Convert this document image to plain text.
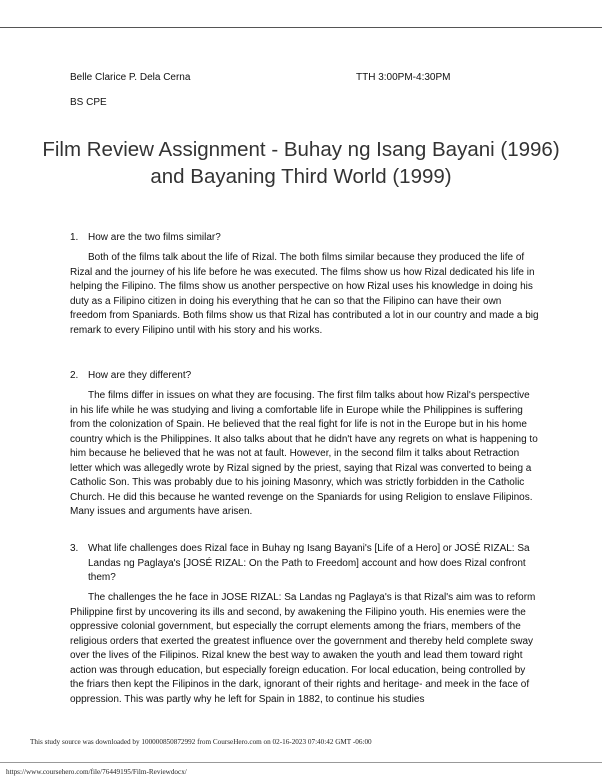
Belle Clarice P. Dela Cerna	TTH 3:00PM-4:30PM
BS CPE
Film Review Assignment - Buhay ng Isang Bayani (1996) and Bayaning Third World (1999)
1. How are the two films similar?

Both of the films talk about the life of Rizal. The both films similar because they produced the life of Rizal and the journey of his life before he was executed. The films show us how Rizal dedicated his life in helping the Filipino. The films show us another perspective on how Rizal uses his knowledge in doing his duty as a Filipino citizen in doing his everything that he can so that the Filipino can have their own freedom from Spaniards. Both films show us that Rizal has contributed a lot in our country and made a big remark to every Filipino until with his story and his works.

2. How are they different?

The films differ in issues on what they are focusing. The first film talks about how Rizal's perspective in his life while he was studying and living a comfortable life in Europe while the Philippines is suffering from the colonization of Spain. He believed that the real fight for life is not in the Europe but in his home country which is the Philippines. It also talks about that he didn't have any regrets on what is happening to him because he believed that he was not at fault. However, in the second film it talks about Retraction letter which was allegedly wrote by Rizal signed by the priest, saying that Rizal was converted to being a Catholic Son. This was probably due to his joining Masonry, which was strictly forbidden in the Catholic Church. He did this because he wanted revenge on the Spaniards for using Religion to enslave Filipinos. Many issues and arguments have arisen.

3. What life challenges does Rizal face in Buhay ng Isang Bayani's [Life of a Hero] or JOSÉ RIZAL: Sa Landas ng Paglaya's [JOSÉ RIZAL: On the Path to Freedom] account and how does Rizal confront them?

The challenges the he face in JOSE RIZAL: Sa Landas ng Paglaya's is that Rizal's aim was to reform Philippine first by uncovering its ills and second, by awakening the Filipino youth. His enemies were the oppressive colonial government, but especially the corrupt elements among the friars, members of the religious orders that exerted the greatest influence over the government and thereby held complete sway over the lives of the Filipinos. Rizal knew the best way to awaken the youth and lead them toward right action was through education, but especially foreign education. For local education, being controlled by the friars then kept the Filipinos in the dark, ignorant of their rights and heritage- and meek in the face of oppression. This was partly why he left for Spain in 1882, to continue his studies

This study source was downloaded by 100000850872992 from CourseHero.com on 02-16-2023 07:40:42 GMT -06:00
https://www.coursehero.com/file/76449195/Film-Reviewdocx/
